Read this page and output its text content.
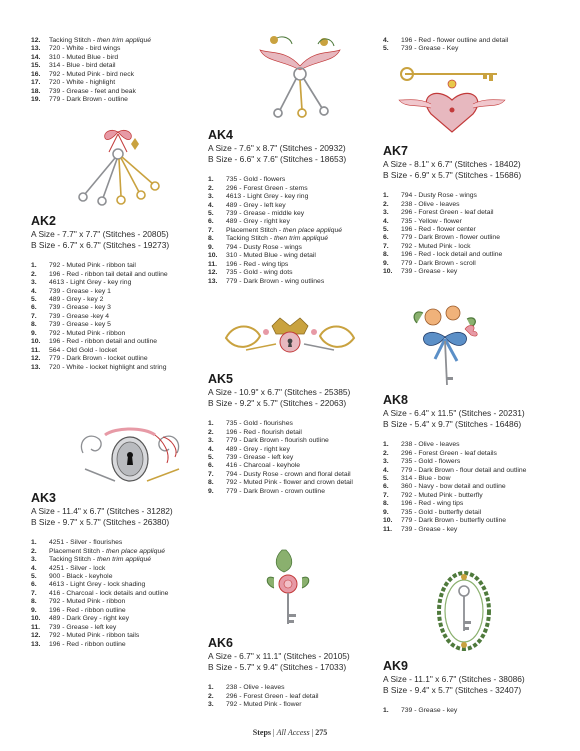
12. Tacking Stitch - then trim appliqué
13. 720 - White - bird wings
14. 310 - Muted Blue - bird
15. 314 - Blue - bird detail
16. 792 - Muted Pink - bird neck
17. 720 - White - highlight
18. 739 - Grease - feet and beak
19. 779 - Dark Brown - outline
AK2
A Size - 7.7" x 7.7" (Stitches - 20805)
B Size - 6.7" x 6.7" (Stitches - 19273)
1. 792 - Muted Pink - ribbon tail
2. 196 - Red - ribbon tail detail and outline
3. 4613 - Light Grey - key ring
4. 739 - Grease - key 1
5. 489 - Grey - key 2
6. 739 - Grease - key 3
7. 739 - Grease -key 4
8. 739 - Grease - key 5
9. 792 - Muted Pink - ribbon
10. 196 - Red - ribbon detail and outline
11. 564 - Old Gold - locket
12. 779 - Dark Brown - locket outline
13. 720 - White - locket highlight and string
AK3
A Size - 11.4" x 6.7" (Stitches - 31282)
B Size - 9.7" x 5.7" (Stitches - 26380)
1. 4251 - Silver - flourishes
2. Placement Stitch - then place appliqué
3. Tacking Stitch - then trim appliqué
4. 4251 - Silver - lock
5. 900 - Black - keyhole
6. 4613 - Light Grey - lock shading
7. 416 - Charcoal - lock details and outline
8. 792 - Muted Pink - ribbon
9. 196 - Red - ribbon outline
10. 489 - Dark Grey - right key
11. 739 - Grease - left key
12. 792 - Muted Pink - ribbon tails
13. 196 - Red - ribbon outline
AK4
A Size - 7.6" x 8.7" (Stitches - 20932)
B Size - 6.6" x 7.6" (Stitches - 18653)
1. 735 - Gold - flowers
2. 296 - Forest Green - stems
3. 4613 - Light Grey - key ring
4. 489 - Grey - left key
5. 739 - Grease - middle key
6. 489 - Grey - right key
7. Placement Stitch - then place appliqué
8. Tacking Stitch - then trim appliqué
9. 794 - Dusty Rose - wings
10. 310 - Muted Blue - wing detail
11. 196 - Red - wing tips
12. 735 - Gold - wing dots
13. 779 - Dark Brown - wing outlines
AK5
A Size - 10.9" x 6.7" (Stitches - 25385)
B Size - 9.2" x 5.7" (Stitches - 22063)
1. 735 - Gold - flourishes
2. 196 - Red - flourish detail
3. 779 - Dark Brown - flourish outline
4. 489 - Grey - right key
5. 739 - Grease - left key
6. 416 - Charcoal - keyhole
7. 794 - Dusty Rose - crown and floral detail
8. 792 - Muted Pink - flower and crown detail
9. 779 - Dark Brown - crown outline
AK6
A Size - 6.7" x 11.1" (Stitches - 20105)
B Size - 5.7" x 9.4" (Stitches - 17033)
1. 238 - Olive - leaves
2. 296 - Forest Green - leaf detail
3. 792 - Muted Pink - flower
4. 196 - Red - flower outline and detail
5. 739 - Grease - Key
AK7
A Size - 8.1" x 6.7" (Stitches - 18402)
B Size - 6.9" x 5.7" (Stitches - 15686)
1. 794 - Dusty Rose - wings
2. 238 - Olive - leaves
3. 296 - Forest Green - leaf detail
4. 735 - Yellow - flower
5. 196 - Red - flower center
6. 779 - Dark Brown - flower outline
7. 792 - Muted Pink - lock
8. 196 - Red - lock detail and outline
9. 779 - Dark Brown - scroll
10. 739 - Grease - key
AK8
A Size - 6.4" x 11.5" (Stitches - 20231)
B Size - 5.4" x 9.7" (Stitches - 16486)
1. 238 - Olive - leaves
2. 296 - Forest Green - leaf details
3. 735 - Gold - flowers
4. 779 - Dark Brown - flour detail and outline
5. 314 - Blue - bow
6. 360 - Navy - bow detail and outline
7. 792 - Muted Pink - butterfly
8. 196 - Red - wing tips
9. 735 - Gold - butterfly detail
10. 779 - Dark Brown - butterfly outline
11. 739 - Grease - key
AK9
A Size - 11.1" x 6.7" (Stitches - 38086)
B Size - 9.4" x 5.7" (Stitches - 32407)
1. 739 - Grease - key
Steps | All Access | 275
